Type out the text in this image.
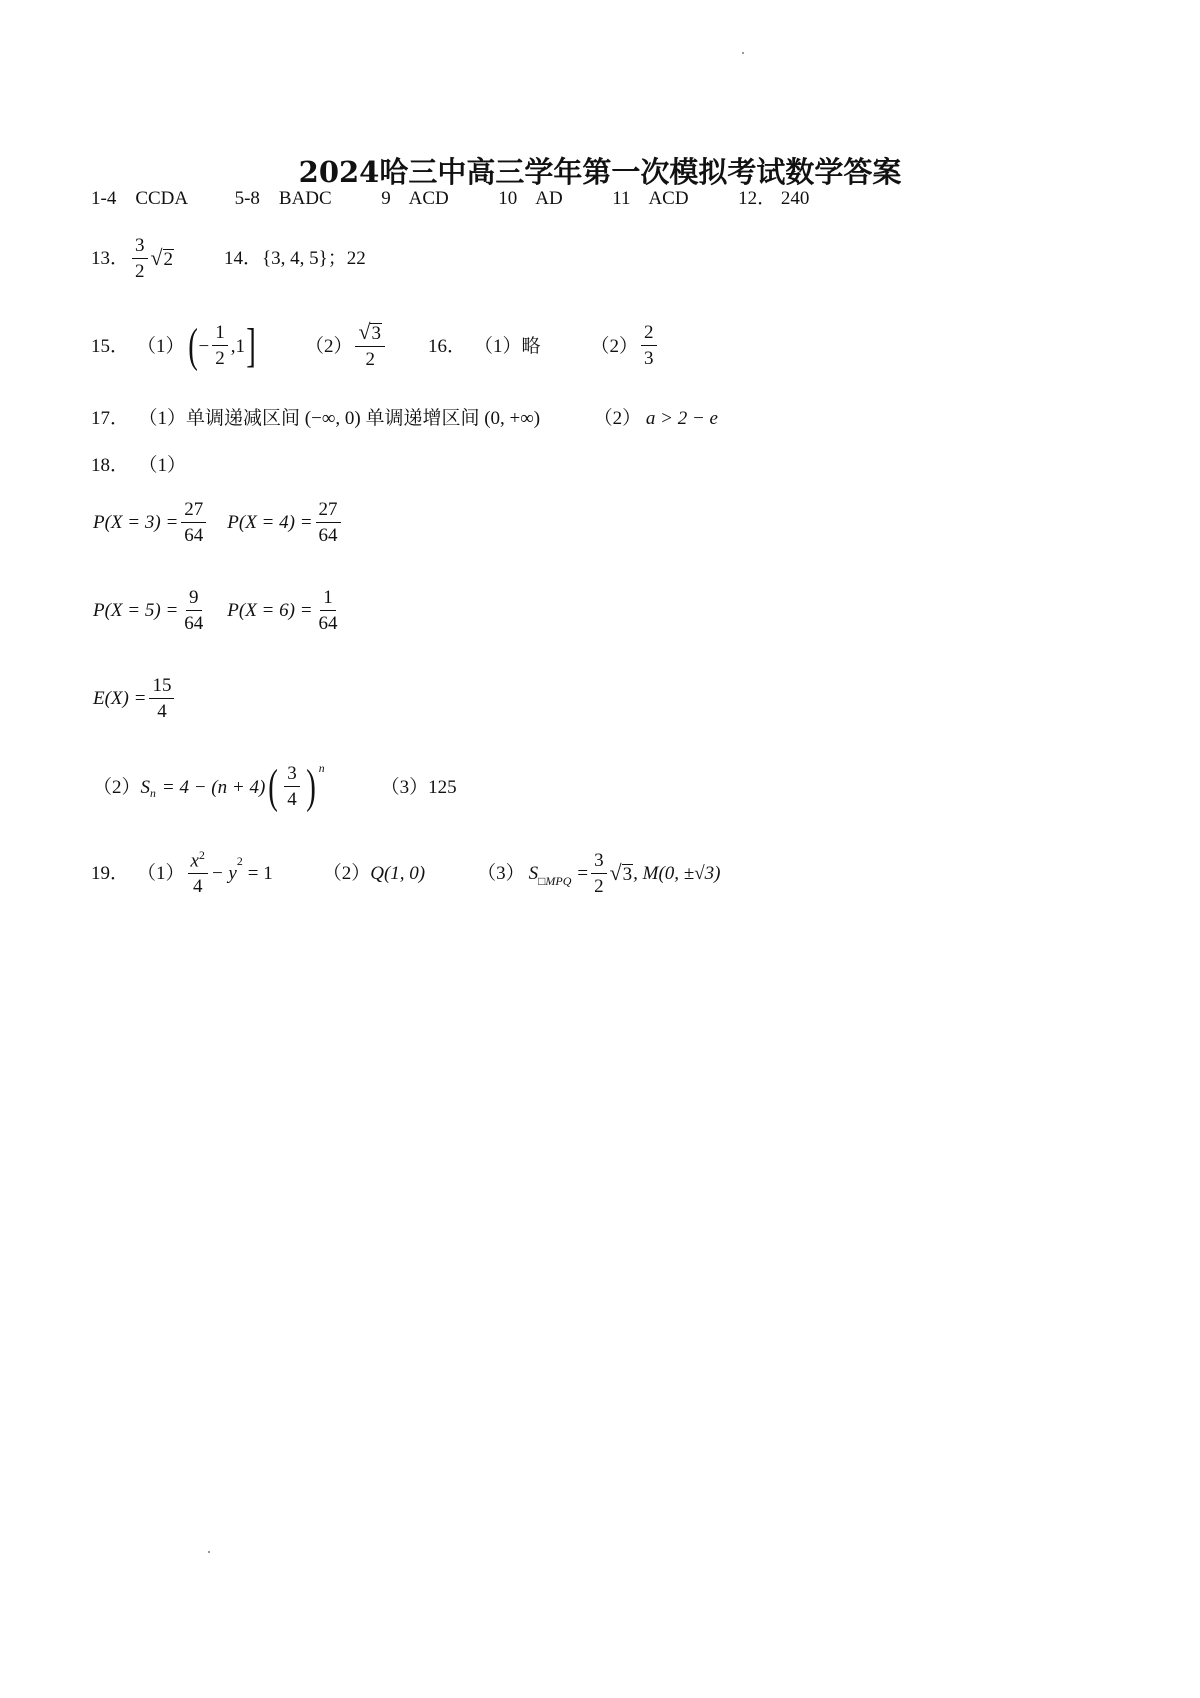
2024哈三中高三学年第一次模拟考试数学答案
1-4 CCDA	5-8 BADC	9 ACD	10 AD	11 ACD	12． 240
13． $\frac{3}{2}$ √ 2	14． {3, 4, 5}；22
15． （1） ( − $\frac{1}{2} ,1$ ]	$(2) \frac{√ 3}{2} 16$． （1）略	$(2) \frac{2}{3}$
17． （1）单调递减区间 (−∞, 0) 单调递增区间 (0, +∞)	（2） a > 2 − e
18． （1）
$P(X = 3) = \frac{27}{64} P(X = 4) = \frac{27}{64}$
$P(X = 5) = \frac{9}{64} P(X = 6) = \frac{1}{64}$
$E(X) = \frac{15}{4}$
（2） $S_n = 4 - (n + 4)$ ( $\frac{3}{4}$ ) $^n$
（3）125
19． $(1) \frac{x^2}{4} - y$
$^2$
= 1	（2） Q(1, 0)	（3） $S_{□MPQ} = \frac{3}{2}$ √ 3 , M(0, ±√3)
